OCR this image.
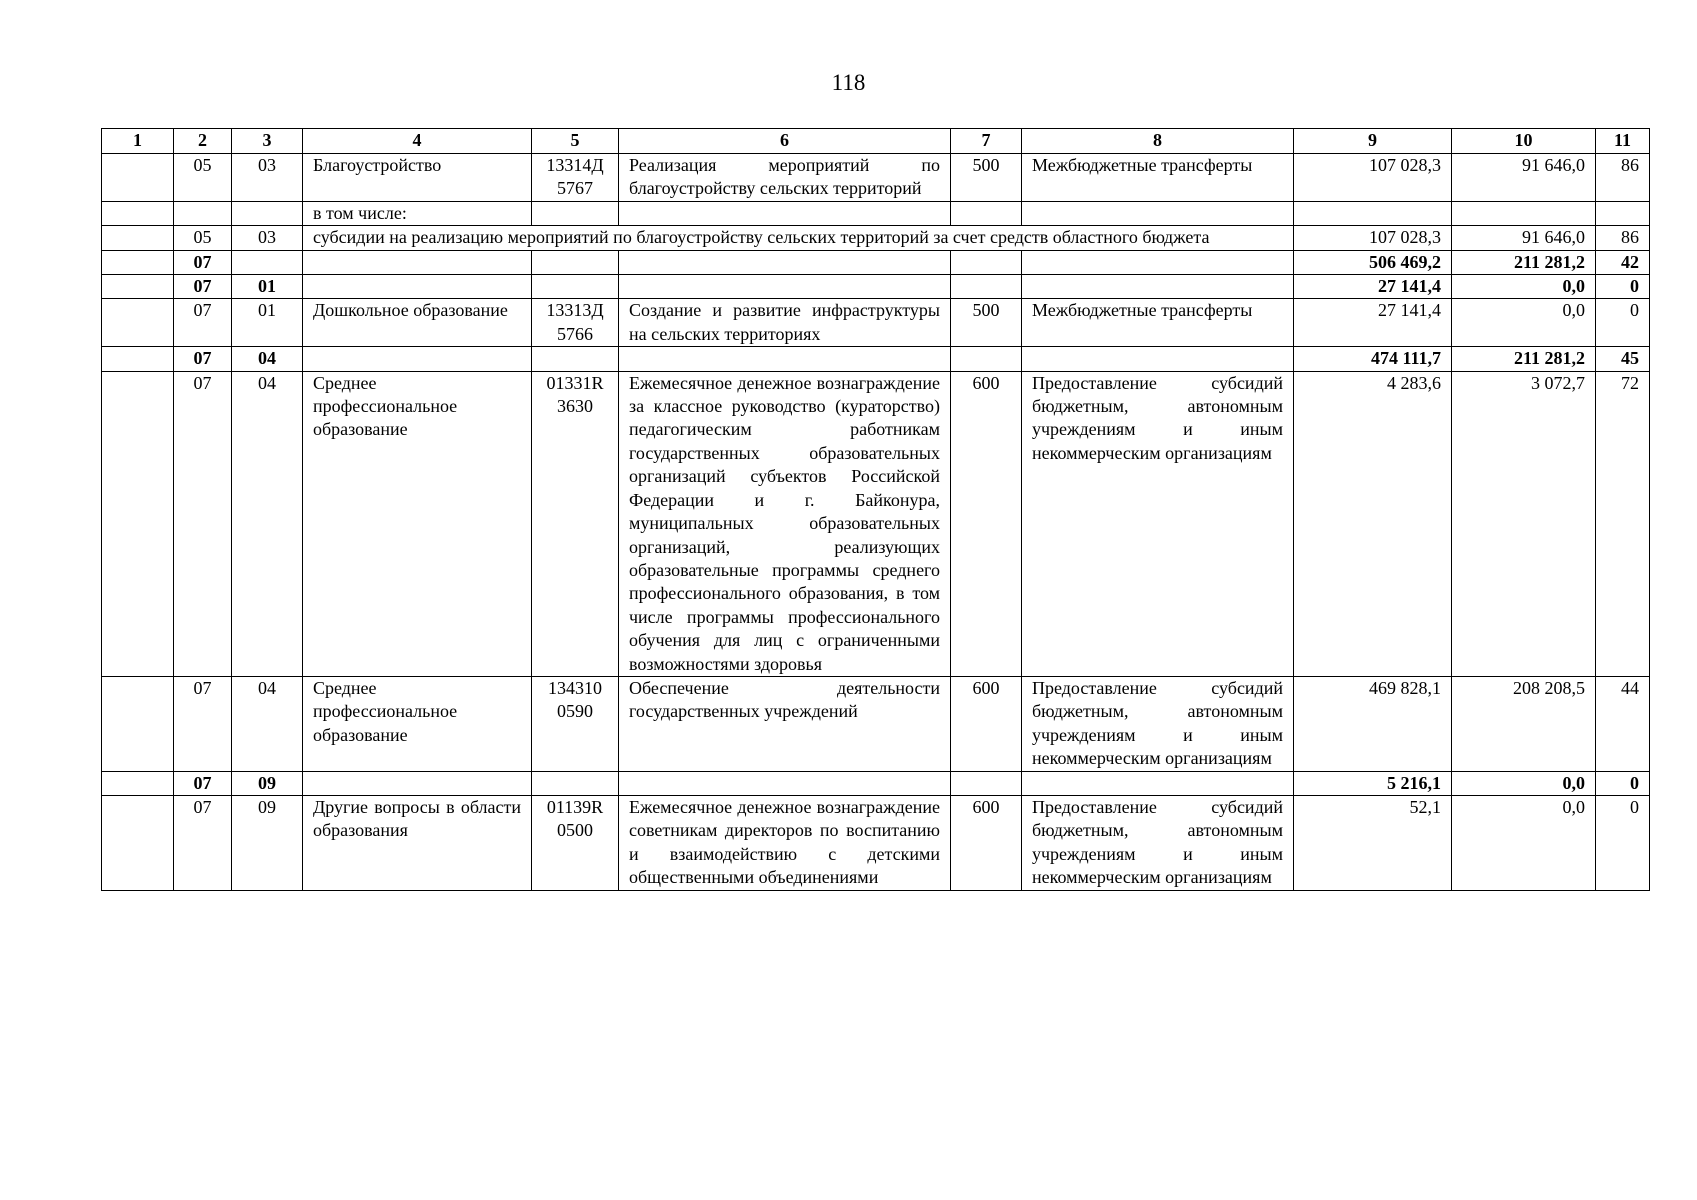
118
1	2	3	4	5	6	7	8	9	10	11
	05	03	Благоустройство	13314Д 5767	Реализация мероприятий по благоустройству сельских территорий	500	Межбюджетные трансферты	107 028,3	91 646,0	86
			в том числе:							
	05	03	субсидии на реализацию мероприятий по благоустройству сельских территорий за счет средств областного бюджета					107 028,3	91 646,0	86
	07							506 469,2	211 281,2	42
	07	01						27 141,4	0,0	0
	07	01	Дошкольное образование	13313Д 5766	Создание и развитие инфраструктуры на сельских территориях	500	Межбюджетные трансферты	27 141,4	0,0	0
	07	04						474 111,7	211 281,2	45
	07	04	Среднее профессиональное образование	01331R 3630	Ежемесячное денежное вознаграждение за классное руководство (кураторство) педагогическим работникам государственных образовательных организаций субъектов Российской Федерации и г. Байконура, муниципальных образовательных организаций, реализующих образовательные программы среднего профессионального образования, в том числе программы профессионального обучения для лиц с ограниченными возможностями здоровья	600	Предоставление субсидий бюджетным, автономным учреждениям и иным некоммерческим организациям	4 283,6	3 072,7	72
	07	04	Среднее профессиональное образование	134310 0590	Обеспечение деятельности государственных учреждений	600	Предоставление субсидий бюджетным, автономным учреждениям и иным некоммерческим организациям	469 828,1	208 208,5	44
	07	09						5 216,1	0,0	0
	07	09	Другие вопросы в области образования	01139R 0500	Ежемесячное денежное вознаграждение советникам директоров по воспитанию и взаимодействию с детскими общественными объединениями	600	Предоставление субсидий бюджетным, автономным учреждениям и иным некоммерческим организациям	52,1	0,0	0
